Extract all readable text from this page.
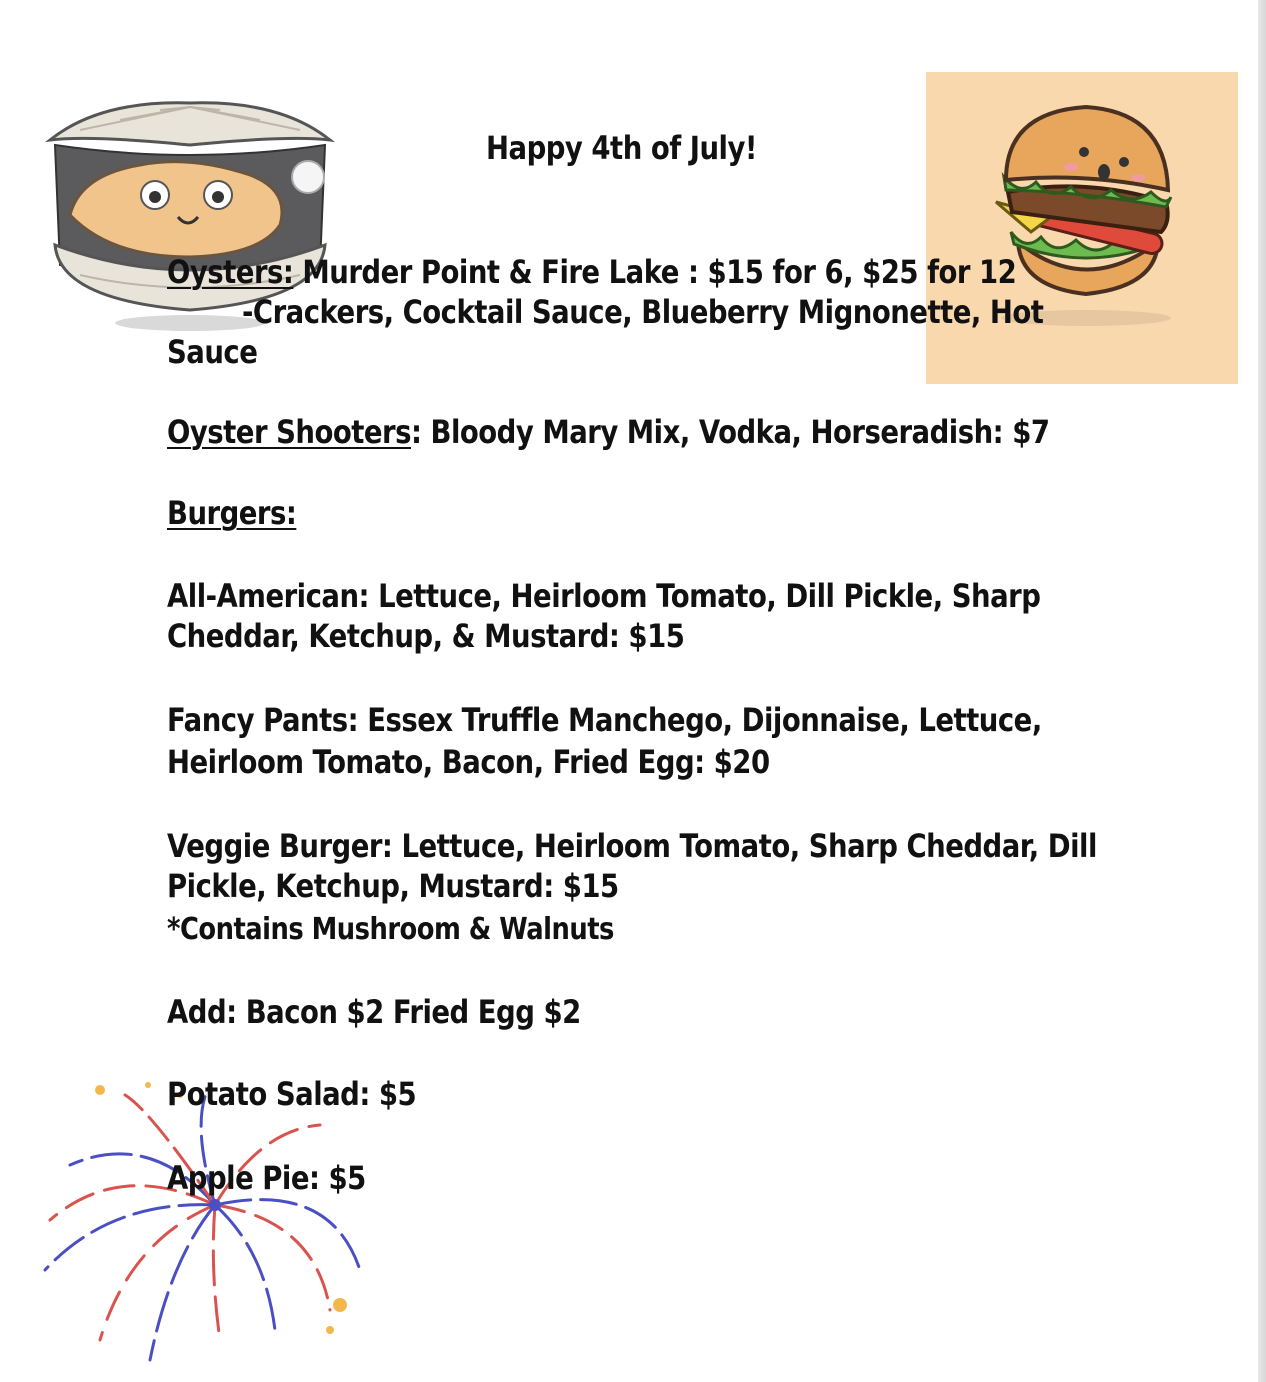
Happy 4th of July!
Oysters: Murder Point & Fire Lake : $15 for 6, $25 for 12
-Crackers, Cocktail Sauce, Blueberry Mignonette, Hot
Sauce
Oyster Shooters: Bloody Mary Mix, Vodka, Horseradish: $7
Burgers:
All-American: Lettuce, Heirloom Tomato, Dill Pickle, Sharp
Cheddar, Ketchup, & Mustard: $15
Fancy Pants: Essex Truffle Manchego, Dijonnaise, Lettuce,
Heirloom Tomato, Bacon, Fried Egg: $20
Veggie Burger: Lettuce, Heirloom Tomato, Sharp Cheddar, Dill
Pickle, Ketchup, Mustard: $15
*Contains Mushroom & Walnuts
Add: Bacon $2 Fried Egg $2
Potato Salad: $5
Apple Pie: $5
